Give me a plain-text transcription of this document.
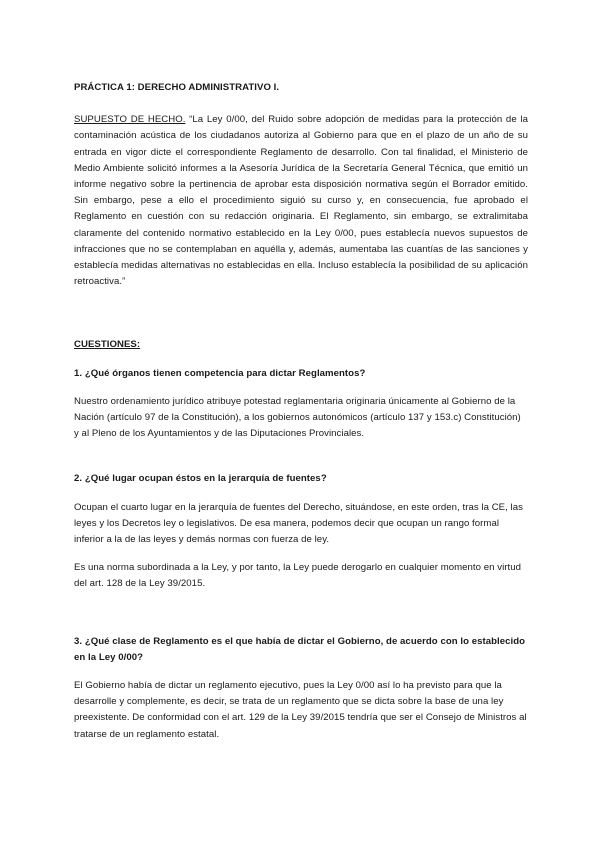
PRÁCTICA 1: DERECHO ADMINISTRATIVO I.

SUPUESTO DE HECHO. “La Ley 0/00, del Ruido sobre adopción de medidas para la protección de la contaminación acústica de los ciudadanos autoriza al Gobierno para que en el plazo de un año de su entrada en vigor dicte el correspondiente Reglamento de desarrollo. Con tal finalidad, el Ministerio de Medio Ambiente solicitó informes a la Asesoría Jurídica de la Secretaría General Técnica, que emitió un informe negativo sobre la pertinencia de aprobar esta disposición normativa según el Borrador emitido. Sin embargo, pese a ello el procedimiento siguió su curso y, en consecuencia, fue aprobado el Reglamento en cuestión con su redacción originaria. El Reglamento, sin embargo, se extralimitaba claramente del contenido normativo establecido en la Ley 0/00, pues establecía nuevos supuestos de infracciones que no se contemplaban en aquélla y, además, aumentaba las cuantías de las sanciones y establecía medidas alternativas no establecidas en ella. Incluso establecía la posibilidad de su aplicación retroactiva.”

CUESTIONES:

1. ¿Qué órganos tienen competencia para dictar Reglamentos?

Nuestro ordenamiento jurídico atribuye potestad reglamentaria originaria únicamente al Gobierno de la Nación (artículo 97 de la Constitución), a los gobiernos autonómicos (artículo 137 y 153.c) Constitución) y al Pleno de los Ayuntamientos y de las Diputaciones Provinciales.

2. ¿Qué lugar ocupan éstos en la jerarquía de fuentes?

Ocupan el cuarto lugar en la jerarquía de fuentes del Derecho, situándose, en este orden, tras la CE, las leyes y los Decretos ley o legislativos. De esa manera, podemos decir que ocupan un rango formal inferior a la de las leyes y demás normas con fuerza de ley.

Es una norma subordinada a la Ley, y por tanto, la Ley puede derogarlo en cualquier momento en virtud del art. 128 de la Ley 39/2015.

3. ¿Qué clase de Reglamento es el que había de dictar el Gobierno, de acuerdo con lo establecido en la Ley 0/00?

El Gobierno había de dictar un reglamento ejecutivo, pues la Ley 0/00 así lo ha previsto para que la desarrolle y complemente, es decir, se trata de un reglamento que se dicta sobre la base de una ley preexistente. De conformidad con el art. 129 de la Ley 39/2015 tendría que ser el Consejo de Ministros al tratarse de un reglamento estatal.
